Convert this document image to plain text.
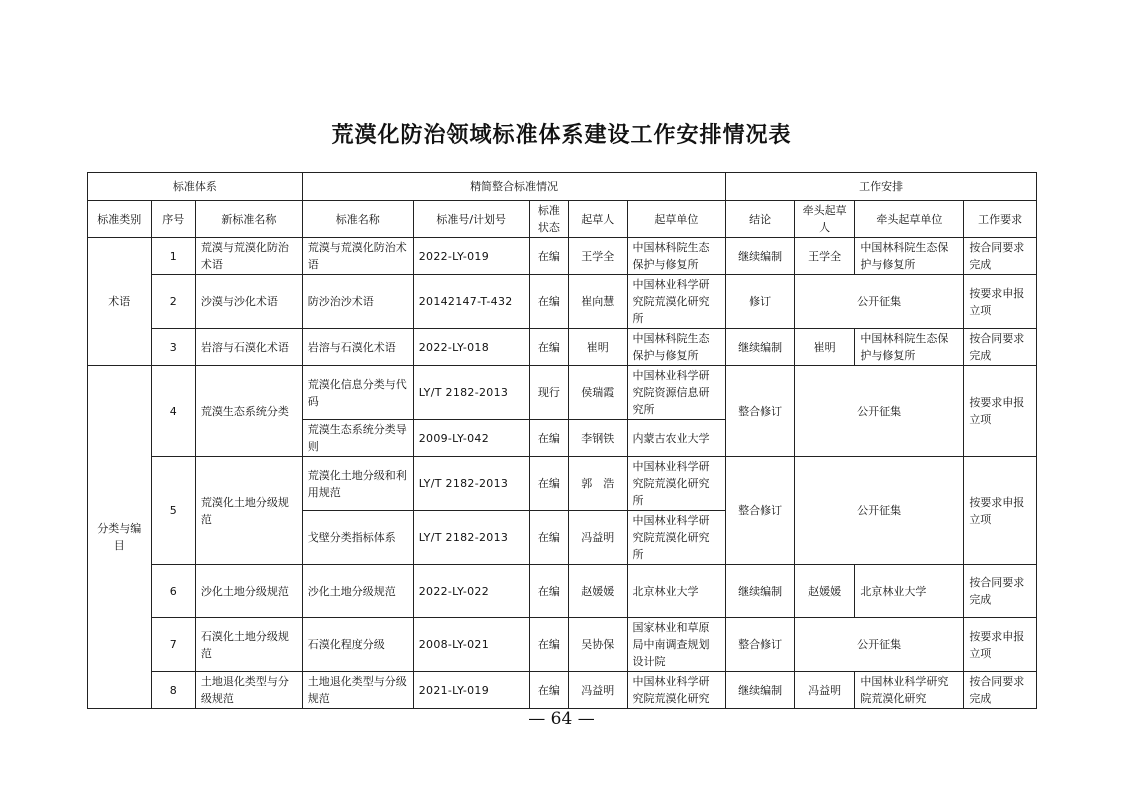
荒漠化防治领域标准体系建设工作安排情况表
标准体系			精简整合标准情况					工作安排			
标准类别	序号	新标准名称	标准名称	标准号/计划号	标准状态	起草人	起草单位	结论	牵头起草人	牵头起草单位	工作要求
术语	1	荒漠与荒漠化防治术语	荒漠与荒漠化防治术语	2022-LY-019	在编	王学全	中国林科院生态保护与修复所	继续编制	王学全	中国林科院生态保护与修复所	按合同要求完成
	2	沙漠与沙化术语	防沙治沙术语	20142147-T-432	在编	崔向慧	中国林业科学研究院荒漠化研究所	修订	公开征集		按要求申报立项
	3	岩溶与石漠化术语	岩溶与石漠化术语	2022-LY-018	在编	崔明	中国林科院生态保护与修复所	继续编制	崔明	中国林科院生态保护与修复所	按合同要求完成
分类与编目	4	荒漠生态系统分类	荒漠化信息分类与代码	LY/T 2182-2013	现行	侯瑞霞	中国林业科学研究院资源信息研究所	整合修订	公开征集		按要求申报立项
			荒漠生态系统分类导则	2009-LY-042	在编	李钢铁	内蒙古农业大学				
	5	荒漠化土地分级规范	荒漠化土地分级和利用规范	LY/T 2182-2013	在编	郭　浩	中国林业科学研究院荒漠化研究所	整合修订	公开征集		按要求申报立项
			戈壁分类指标体系	LY/T 2182-2013	在编	冯益明	中国林业科学研究院荒漠化研究所				
	6	沙化土地分级规范	沙化土地分级规范	2022-LY-022	在编	赵媛媛	北京林业大学	继续编制	赵媛媛	北京林业大学	按合同要求完成
	7	石漠化土地分级规范	石漠化程度分级	2008-LY-021	在编	吴协保	国家林业和草原局中南调查规划设计院	整合修订	公开征集		按要求申报立项
	8	土地退化类型与分级规范	土地退化类型与分级规范	2021-LY-019	在编	冯益明	中国林业科学研究院荒漠化研究	继续编制	冯益明	中国林业科学研究院荒漠化研究	按合同要求完成
— 64 —
